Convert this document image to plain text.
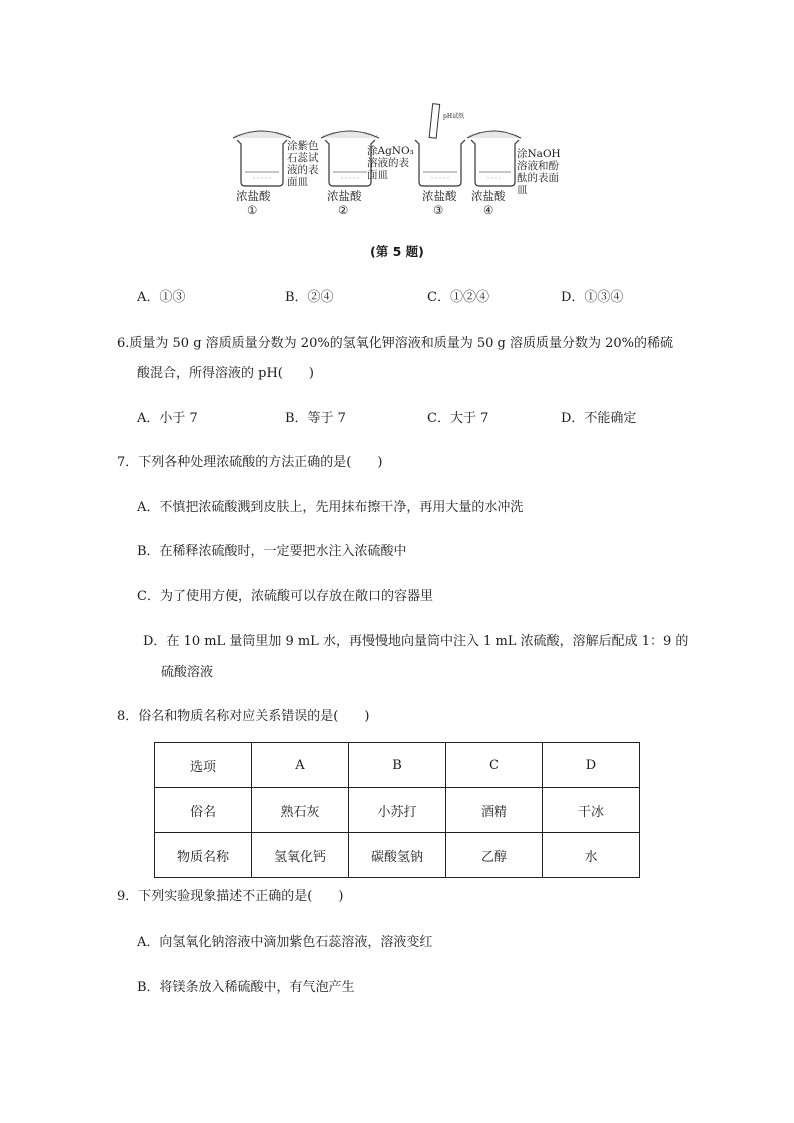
涂紫色
石蕊试
液的表
面皿
涂AgNO₃
溶液的表
面皿
pH试纸
涂NaOH
溶液和酚
酞的表面
皿
浓盐酸
①
浓盐酸
②
浓盐酸
③
浓盐酸
④
(第 5 题)
A．①③	B．②④	C．①②④	D．①③④
6.质量为 50 g 溶质质量分数为 20%的氢氧化钾溶液和质量为 50 g 溶质质量分数为 20%的稀硫
酸混合，所得溶液的 pH(　　)
A．小于 7	B．等于 7	C．大于 7	D．不能确定
7．下列各种处理浓硫酸的方法正确的是(　　)
A．不慎把浓硫酸溅到皮肤上，先用抹布擦干净，再用大量的水冲洗
B．在稀释浓硫酸时，一定要把水注入浓硫酸中
C．为了使用方便，浓硫酸可以存放在敞口的容器里
D．在 10 mL 量筒里加 9 mL 水，再慢慢地向量筒中注入 1 mL 浓硫酸，溶解后配成 1：9 的
硫酸溶液
8．俗名和物质名称对应关系错误的是(　　)
选项	A	B	C	D
俗名	熟石灰	小苏打	酒精	干冰
物质名称	氢氧化钙	碳酸氢钠	乙醇	水
9．下列实验现象描述不正确的是(　　)
A．向氢氧化钠溶液中滴加紫色石蕊溶液，溶液变红
B．将镁条放入稀硫酸中，有气泡产生
